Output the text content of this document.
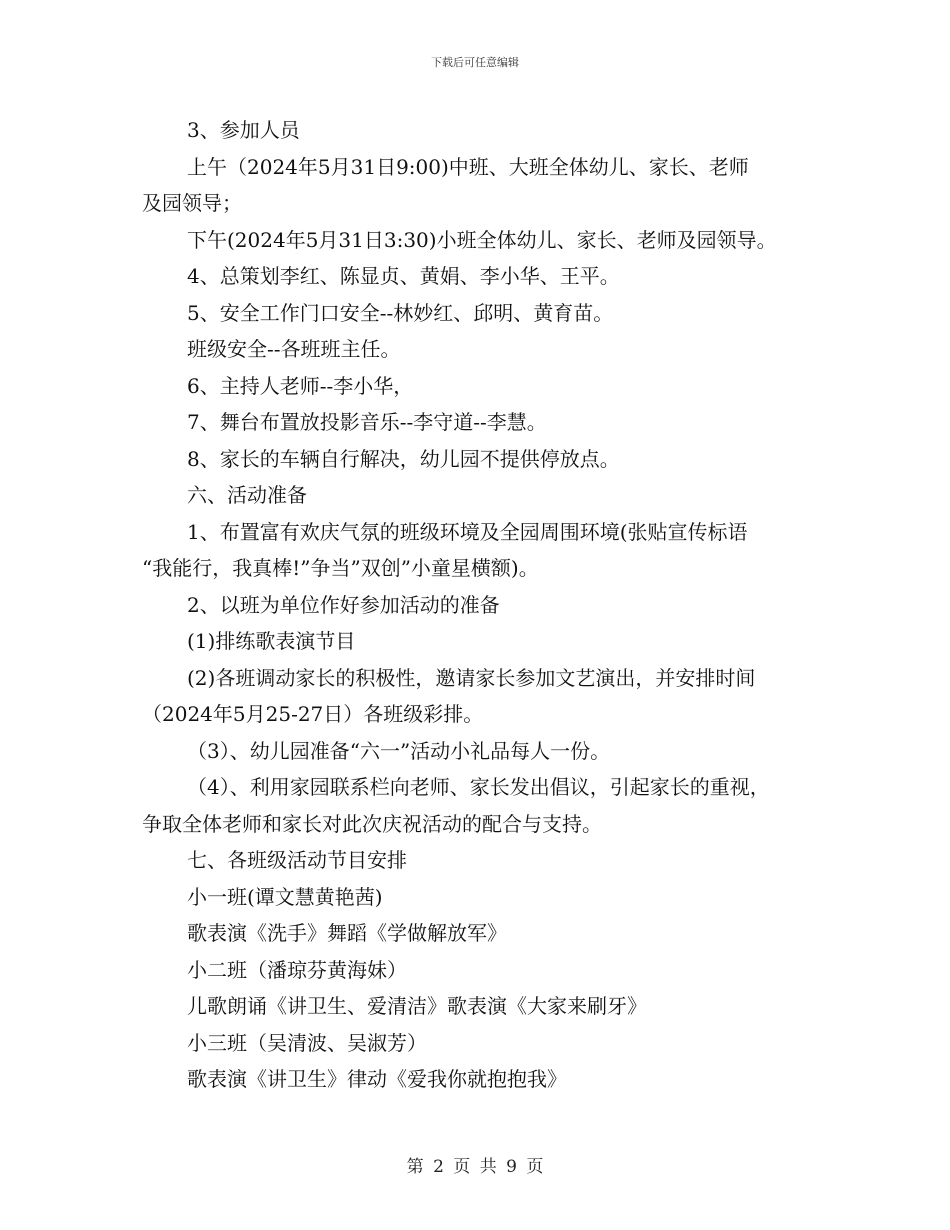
下载后可任意编辑

3、参加人员

上午（2024年5月31日9:00)中班、大班全体幼儿、家长、老师

及园领导；

下午(2024年5月31日3:30)小班全体幼儿、家长、老师及园领导。

4、总策划李红、陈显贞、黄娟、李小华、王平。

5、安全工作门口安全--林妙红、邱明、黄育苗。

班级安全--各班班主任。

6、主持人老师--李小华，

7、舞台布置放投影音乐--李守道--李慧。

8、家长的车辆自行解决，幼儿园不提供停放点。

六、活动准备

1、布置富有欢庆气氛的班级环境及全园周围环境(张贴宣传标语

“我能行，我真棒!”争当”双创”小童星横额)。

2、以班为单位作好参加活动的准备

(1)排练歌表演节目

(2)各班调动家长的积极性，邀请家长参加文艺演出，并安排时间

（2024年5月25-27日）各班级彩排。

（3）、幼儿园准备“六一”活动小礼品每人一份。

（4）、利用家园联系栏向老师、家长发出倡议，引起家长的重视，

争取全体老师和家长对此次庆祝活动的配合与支持。

七、各班级活动节目安排

小一班(谭文慧黄艳茜)

歌表演《洗手》舞蹈《学做解放军》

小二班（潘琼芬黄海妹）

儿歌朗诵《讲卫生、爱清洁》歌表演《大家来刷牙》

小三班（吴清波、吴淑芳）

歌表演《讲卫生》律动《爱我你就抱抱我》

第 2 页 共 9 页
